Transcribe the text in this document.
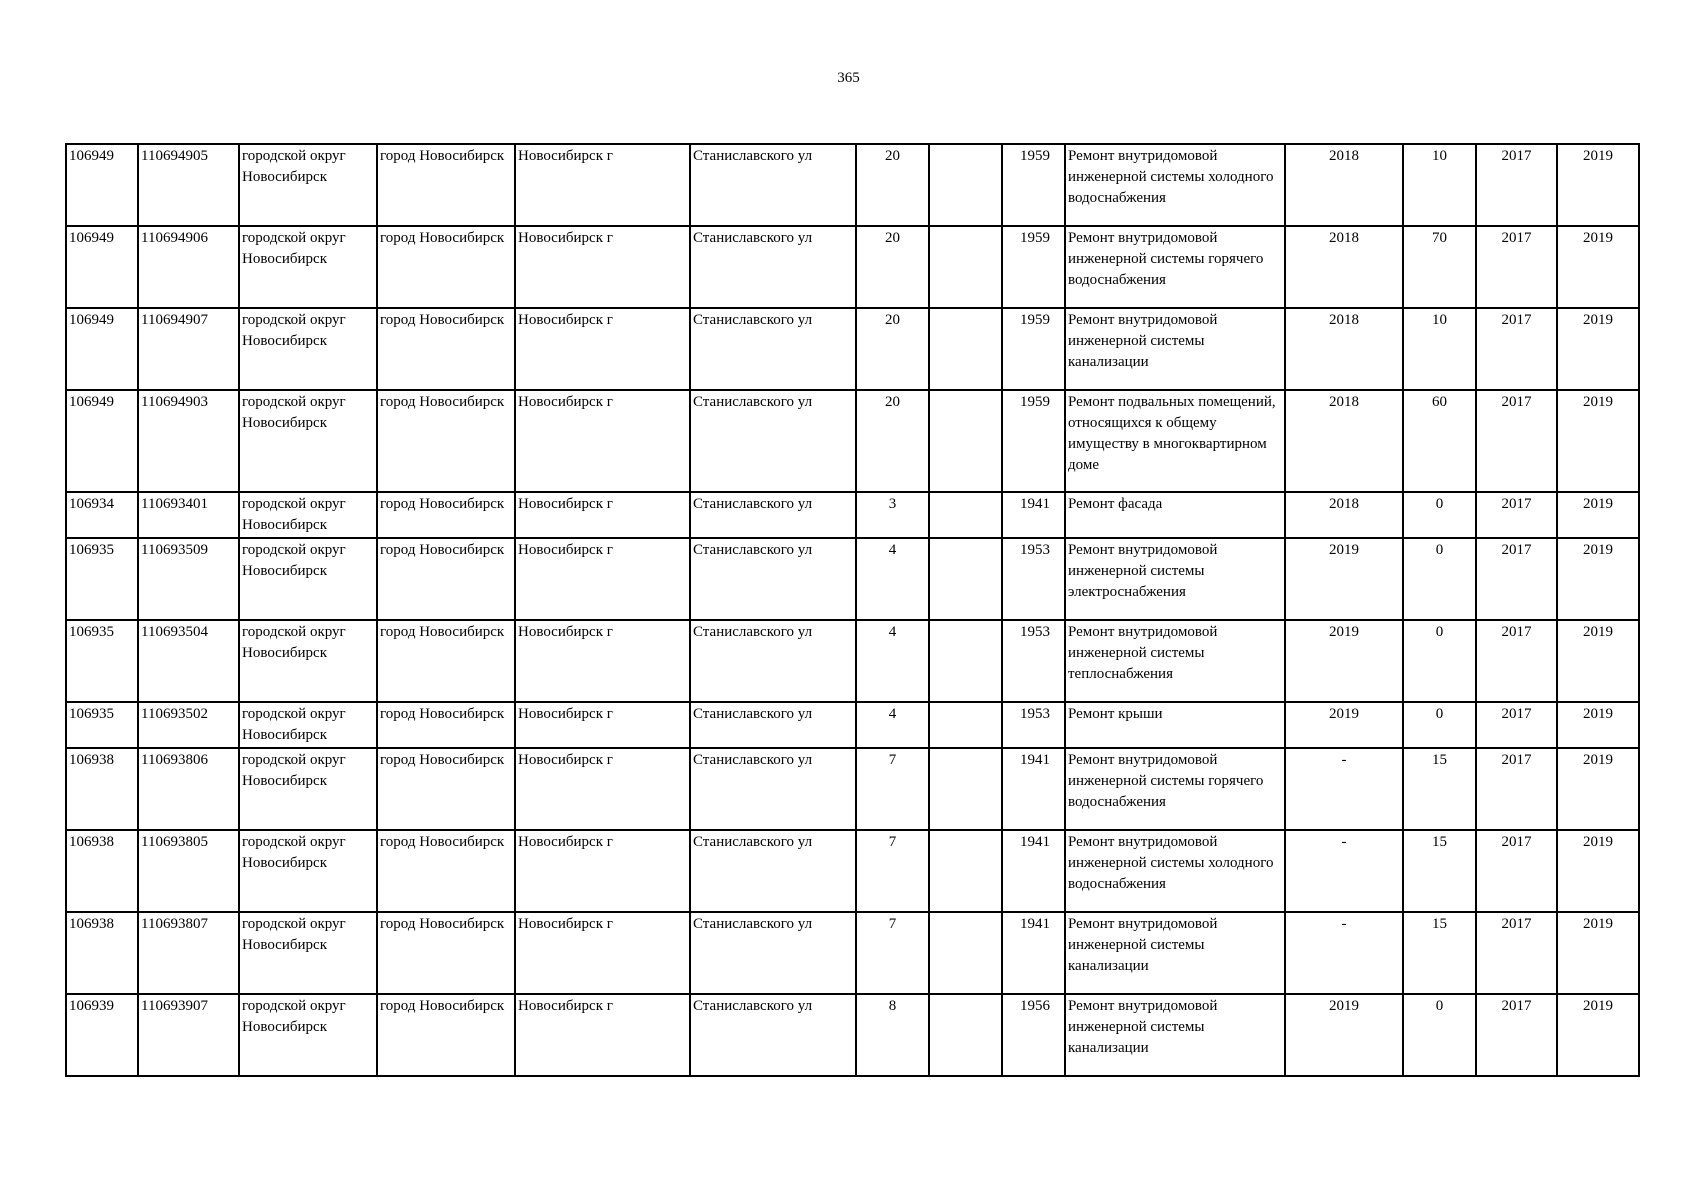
365
106949	110694905	городской округ Новосибирск	город Новосибирск	Новосибирск г	Станиславского ул	20		1959	Ремонт внутридомовой инженерной системы холодного водоснабжения	2018	10	2017	2019
106949	110694906	городской округ Новосибирск	город Новосибирск	Новосибирск г	Станиславского ул	20		1959	Ремонт внутридомовой инженерной системы горячего водоснабжения	2018	70	2017	2019
106949	110694907	городской округ Новосибирск	город Новосибирск	Новосибирск г	Станиславского ул	20		1959	Ремонт внутридомовой инженерной системы канализации	2018	10	2017	2019
106949	110694903	городской округ Новосибирск	город Новосибирск	Новосибирск г	Станиславского ул	20		1959	Ремонт подвальных помещений, относящихся к общему имуществу в многоквартирном доме	2018	60	2017	2019
106934	110693401	городской округ Новосибирск	город Новосибирск	Новосибирск г	Станиславского ул	3		1941	Ремонт фасада	2018	0	2017	2019
106935	110693509	городской округ Новосибирск	город Новосибирск	Новосибирск г	Станиславского ул	4		1953	Ремонт внутридомовой инженерной системы электроснабжения	2019	0	2017	2019
106935	110693504	городской округ Новосибирск	город Новосибирск	Новосибирск г	Станиславского ул	4		1953	Ремонт внутридомовой инженерной системы теплоснабжения	2019	0	2017	2019
106935	110693502	городской округ Новосибирск	город Новосибирск	Новосибирск г	Станиславского ул	4		1953	Ремонт крыши	2019	0	2017	2019
106938	110693806	городской округ Новосибирск	город Новосибирск	Новосибирск г	Станиславского ул	7		1941	Ремонт внутридомовой инженерной системы горячего водоснабжения	-	15	2017	2019
106938	110693805	городской округ Новосибирск	город Новосибирск	Новосибирск г	Станиславского ул	7		1941	Ремонт внутридомовой инженерной системы холодного водоснабжения	-	15	2017	2019
106938	110693807	городской округ Новосибирск	город Новосибирск	Новосибирск г	Станиславского ул	7		1941	Ремонт внутридомовой инженерной системы канализации	-	15	2017	2019
106939	110693907	городской округ Новосибирск	город Новосибирск	Новосибирск г	Станиславского ул	8		1956	Ремонт внутридомовой инженерной системы канализации	2019	0	2017	2019
